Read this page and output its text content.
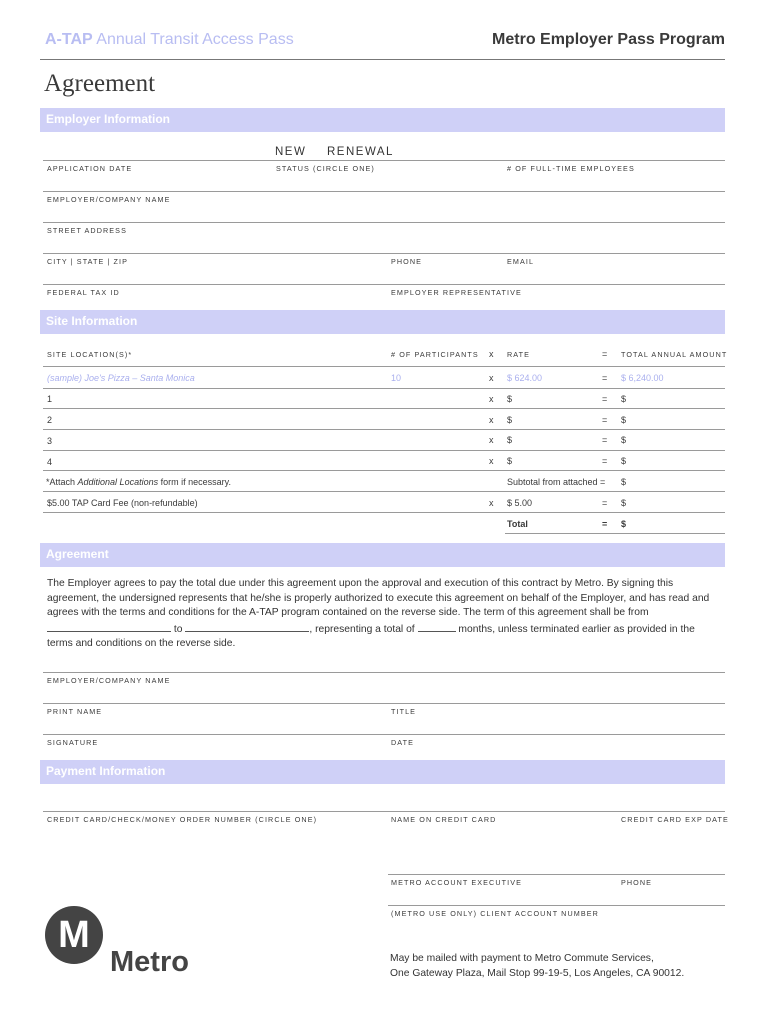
A-TAP Annual Transit Access Pass	Metro Employer Pass Program
Agreement
Employer Information
NEW RENEWAL
APPLICATION DATE	STATUS (CIRCLE ONE)	# OF FULL-TIME EMPLOYEES
EMPLOYER/COMPANY NAME
STREET ADDRESS
CITY | STATE | ZIP	PHONE	EMAIL
FEDERAL TAX ID	EMPLOYER REPRESENTATIVE
Site Information
SITE LOCATION(S)*	# OF PARTICIPANTS x RATE	= TOTAL ANNUAL AMOUNT
(sample) Joe's Pizza – Santa Monica	10	x $ 624.00	= $ 6,240.00
1	x $	= $
2	x $	= $
3	x $	= $
4	x $	= $
*Attach Additional Locations form if necessary.	Subtotal from attached = $
$5.00 TAP Card Fee (non-refundable)	x $ 5.00	= $
Total	= $
Agreement
The Employer agrees to pay the total due under this agreement upon the approval and execution of this contract by Metro. By signing this agreement, the undersigned represents that he/she is properly authorized to execute this agreement on behalf of the Employer, and has read and agrees with the terms and conditions for the A-TAP program contained on the reverse side. The term of this agreement shall be from
to	, representing a total of	months, unless terminated earlier as provided in the
terms and conditions on the reverse side.
EMPLOYER/COMPANY NAME
PRINT NAME	TITLE
SIGNATURE	DATE
Payment Information
CREDIT CARD/CHECK/MONEY ORDER NUMBER (CIRCLE ONE)	NAME ON CREDIT CARD	CREDIT CARD EXP DATE
METRO ACCOUNT EXECUTIVE	PHONE
(METRO USE ONLY) CLIENT ACCOUNT NUMBER
M
Metro	May be mailed with payment to Metro Commute Services,
One Gateway Plaza, Mail Stop 99-19-5, Los Angeles, CA 90012.
